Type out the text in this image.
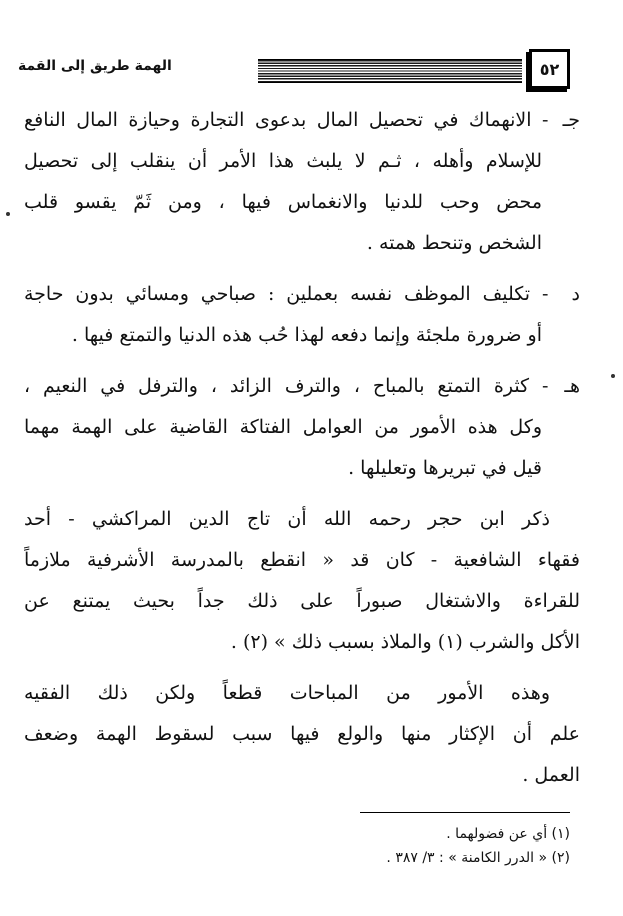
الهمة طريق إلى القمة	٥٢
جـ - الانهماك في تحصيل المال بدعوى التجارة وحيازة المال النافع
للإسلام وأهله ، ثـم لا يلبث هذا الأمر أن ينقلب إلى تحصيل
محض وحب للدنيا والانغماس فيها ، ومن ثَمّ يقسو قلب
الشخص وتنحط همته .
د - تكليف الموظف نفسه بعملين : صباحي ومسائي بدون حاجة
أو ضرورة ملجئة وإنما دفعه لهذا حُب هذه الدنيا والتمتع فيها .
هـ - كثرة التمتع بالمباح ، والترف الزائد ، والترفل في النعيم ،
وكل هذه الأمور من العوامل الفتاكة القاضية على الهمة مهما
قيل في تبريرها وتعليلها .
ذكر ابن حجر رحمه الله أن تاج الدين المراكشي - أحد
فقهاء الشافعية - كان قد « انقطع بالمدرسة الأشرفية ملازماً
للقراءة والاشتغال صبوراً على ذلك جداً بحيث يمتنع عن
الأكل والشرب (١) والملاذ بسبب ذلك » (٢) .
وهذه الأمور من المباحات قطعاً ولكن ذلك الفقيه
علم أن الإكثار منها والولع فيها سبب لسقوط الهمة وضعف
العمل .
(١) أي عن فضولهما .
(٢) « الدرر الكامنة » : ٣/ ٣٨٧ .
